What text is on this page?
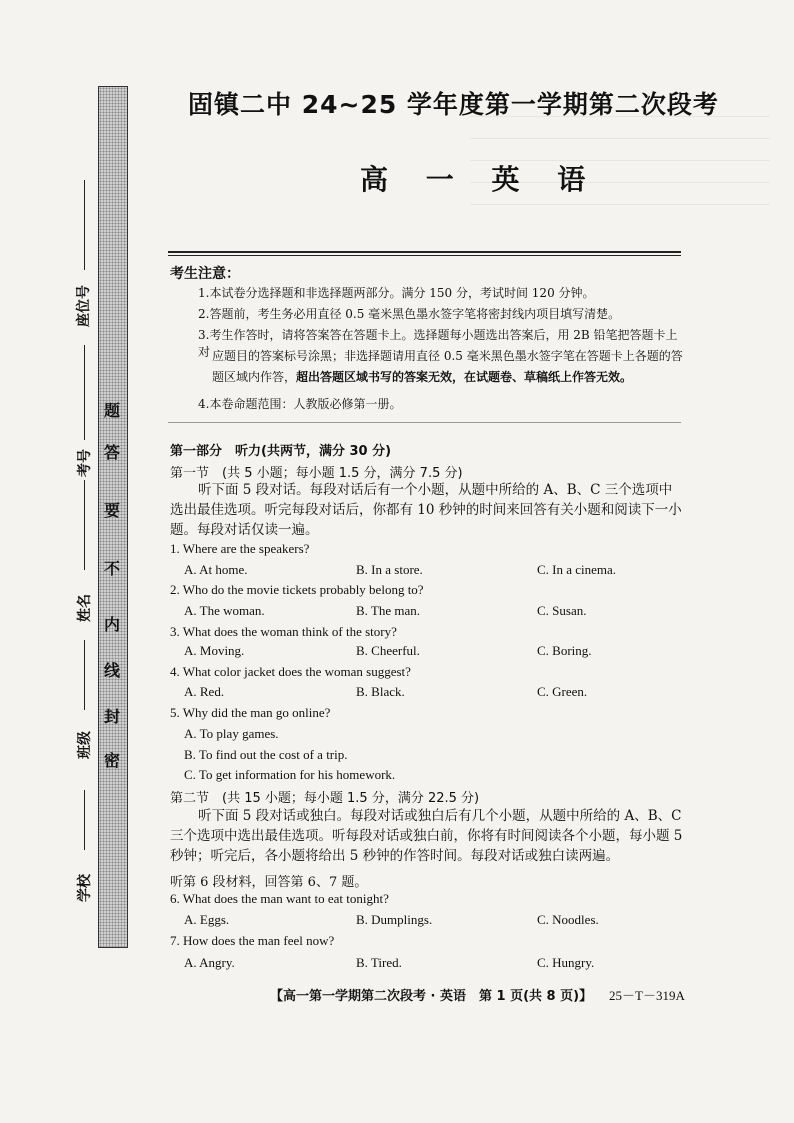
题
答
要
不
内
线
封
密
座位号
考号
姓名
班级
学校
固镇二中 24~25 学年度第一学期第二次段考
高 一 英 语
考生注意：
1.本试卷分选择题和非选择题两部分。满分 150 分，考试时间 120 分钟。
2.答题前，考生务必用直径 0.5 毫米黑色墨水签字笔将密封线内项目填写清楚。
3.考生作答时，请将答案答在答题卡上。选择题每小题选出答案后，用 2B 铅笔把答题卡上对 应题目的答案标号涂黑；非选择题请用直径 0.5 毫米黑色墨水签字笔在答题卡上各题的答
题区域内作答，超出答题区域书写的答案无效，在试题卷、草稿纸上作答无效。
4.本卷命题范围：人教版必修第一册。
第一部分　听力(共两节，满分 30 分)
第一节　(共 5 小题；每小题 1.5 分，满分 7.5 分)
听下面 5 段对话。每段对话后有一个小题，从题中所给的 A、B、C 三个选项中选出最佳选项。听完每段对话后，你都有 10 秒钟的时间来回答有关小题和阅读下一小题。每段对话仅读一遍。
1. Where are the speakers?
A. At home.	B. In a store.	C. In a cinema.
2. Who do the movie tickets probably belong to?
A. The woman.	B. The man.	C. Susan.
3. What does the woman think of the story?
A. Moving.	B. Cheerful.	C. Boring.
4. What color jacket does the woman suggest?
A. Red.	B. Black.	C. Green.
5. Why did the man go online?
A. To play games.
B. To find out the cost of a trip.
C. To get information for his homework.
第二节　(共 15 小题；每小题 1.5 分，满分 22.5 分)
听下面 5 段对话或独白。每段对话或独白后有几个小题，从题中所给的 A、B、C 三个选项中选出最佳选项。听每段对话或独白前，你将有时间阅读各个小题，每小题 5 秒钟；听完后，各小题将给出 5 秒钟的作答时间。每段对话或独白读两遍。
听第 6 段材料，回答第 6、7 题。
6. What does the man want to eat tonight?
A. Eggs.	B. Dumplings.	C. Noodles.
7. How does the man feel now?
A. Angry.	B. Tired.	C. Hungry.
【高一第一学期第二次段考 · 英语　第 1 页(共 8 页)】 25－T－319A
